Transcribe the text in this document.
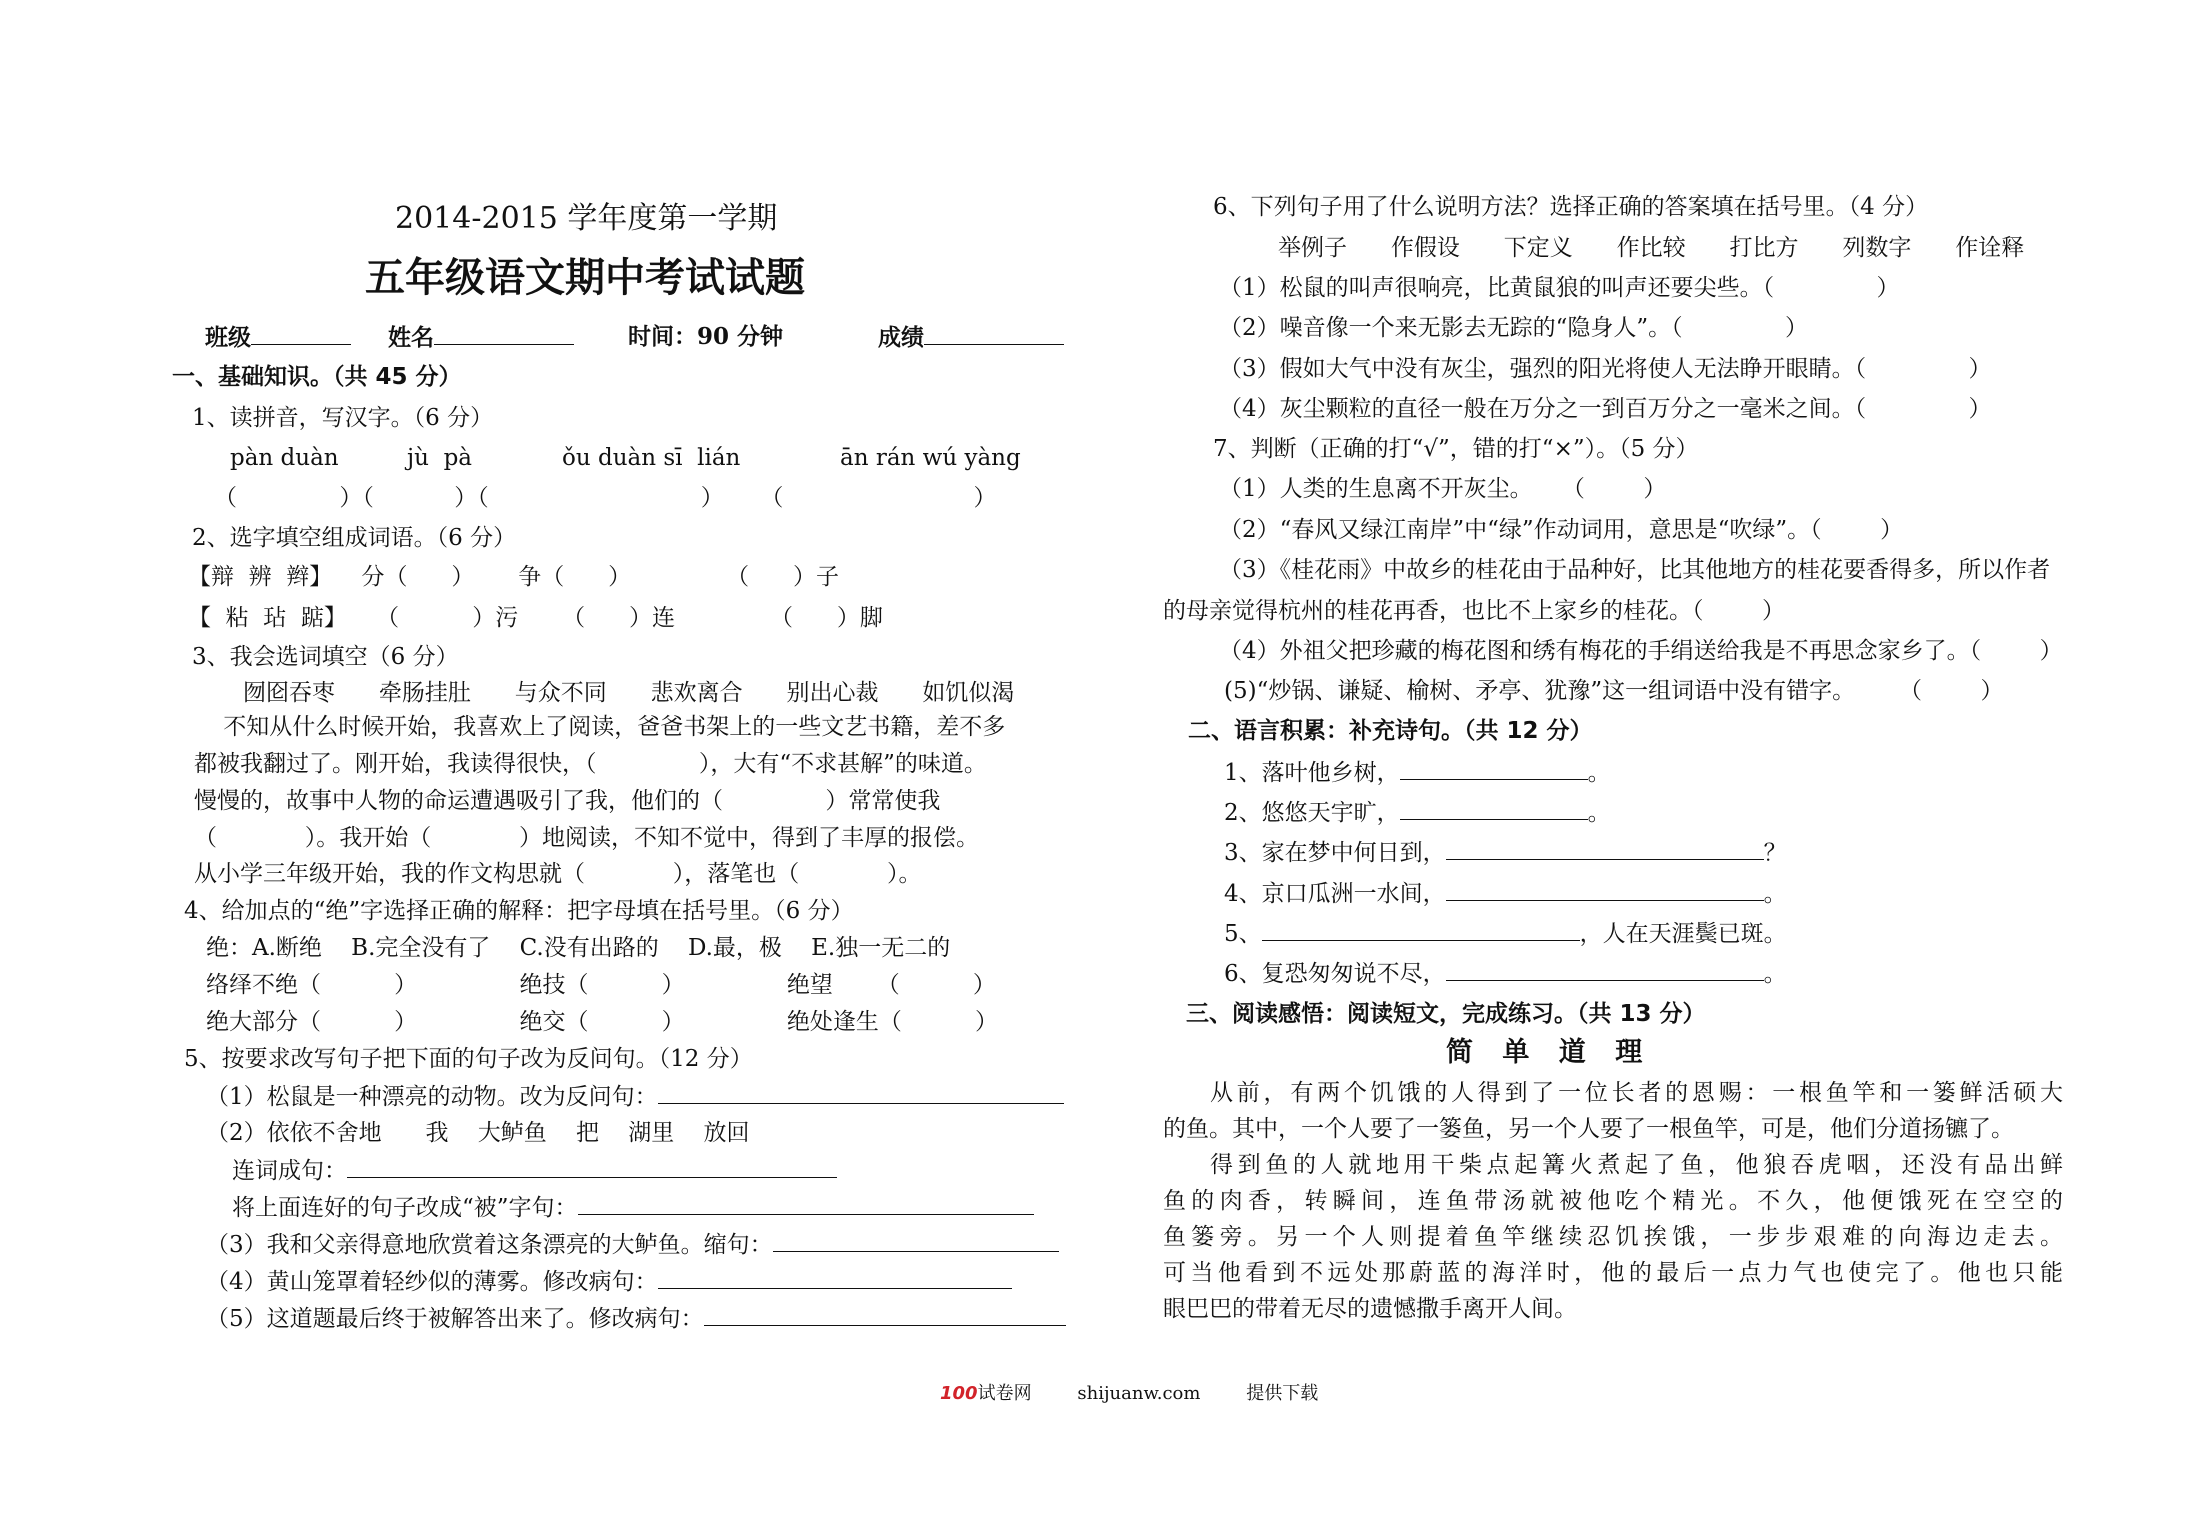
2014-2015 学年度第一学期
五年级语文期中考试试题
班级	姓名	时间：90 分钟	成绩
一、基础知识。（共 45 分）
1、读拼音，写汉字。（6 分）
pàn duàn	jù  pà	ǒu duàn sī  lián	ān rán wú yàng
（              ）（           ）（                             ）     （                          ）
2、选字填空组成词语。（6 分）
【辩  辨  辫】    分（      ）      争（      ）             （      ）子
【  粘  玷  踮】    （          ）污      （      ）连             （      ）脚
3、我会选词填空（6 分）
囫囵吞枣      牵肠挂肚      与众不同      悲欢离合      别出心裁      如饥似渴
不知从什么时候开始，我喜欢上了阅读，爸爸书架上的一些文艺书籍，差不多
都被我翻过了。刚开始，我读得很快，（              ），大有“不求甚解”的味道。
慢慢的，故事中人物的命运遭遇吸引了我，他们的（              ）常常使我
（            ）。我开始（            ）地阅读，不知不觉中，得到了丰厚的报偿。
从小学三年级开始，我的作文构思就（            ），落笔也（            ）。
4、给加点的“绝”字选择正确的解释：把字母填在括号里。（6 分）
绝：A.断绝    B.完全没有了    C.没有出路的    D.最，极    E.独一无二的
络绎不绝（          ）              绝技（          ）              绝望      （          ）
绝大部分（          ）              绝交（          ）              绝处逢生（          ）
5、按要求改写句子把下面的句子改为反问句。（12 分）
（1）松鼠是一种漂亮的动物。改为反问句：
（2）依依不舍地      我    大鲈鱼    把    湖里    放回
连词成句：
将上面连好的句子改成“被”字句：
（3）我和父亲得意地欣赏着这条漂亮的大鲈鱼。缩句：
（4）黄山笼罩着轻纱似的薄雾。修改病句：
（5）这道题最后终于被解答出来了。修改病句：
6、下列句子用了什么说明方法？选择正确的答案填在括号里。（4 分）
举例子      作假设      下定义      作比较      打比方      列数字      作诠释
（1）松鼠的叫声很响亮，比黄鼠狼的叫声还要尖些。（              ）
（2）噪音像一个来无影去无踪的“隐身人”。（              ）
（3）假如大气中没有灰尘，强烈的阳光将使人无法睁开眼睛。（              ）
（4）灰尘颗粒的直径一般在万分之一到百万分之一毫米之间。（              ）
7、判断（正确的打“√”，错的打“×”）。（5 分）
（1）人类的生息离不开灰尘。    （        ）
（2）“春风又绿江南岸”中“绿”作动词用，意思是“吹绿”。（        ）
（3）《桂花雨》中故乡的桂花由于品种好，比其他地方的桂花要香得多，所以作者
的母亲觉得杭州的桂花再香，也比不上家乡的桂花。（        ）
（4）外祖父把珍藏的梅花图和绣有梅花的手绢送给我是不再思念家乡了。（        ）
(5)“炒锅、谦疑、榆树、矛亭、犹豫”这一组词语中没有错字。      （        ）
二、语言积累：补充诗句。（共 12 分）
1、落叶他乡树，	。
2、悠悠天宇旷，	。
3、家在梦中何日到，	？
4、京口瓜洲一水间，	。
5、	，人在天涯鬓已斑。
6、复恐匆匆说不尽，	。
三、阅读感悟：阅读短文，完成练习。（共 13 分）
简 单 道 理
从前，有两个饥饿的人得到了一位长者的恩赐：一根鱼竿和一篓鲜活硕大
的鱼。其中，一个人要了一篓鱼，另一个人要了一根鱼竿，可是，他们分道扬镳了。
得到鱼的人就地用干柴点起篝火煮起了鱼，他狼吞虎咽，还没有品出鲜
鱼的肉香，转瞬间，连鱼带汤就被他吃个精光。不久，他便饿死在空空的
鱼篓旁。另一个人则提着鱼竿继续忍饥挨饿，一步步艰难的向海边走去。
可当他看到不远处那蔚蓝的海洋时，他的最后一点力气也使完了。他也只能
眼巴巴的带着无尽的遗憾撒手离开人间。
100试卷网	shijuanw.com	提供下载
